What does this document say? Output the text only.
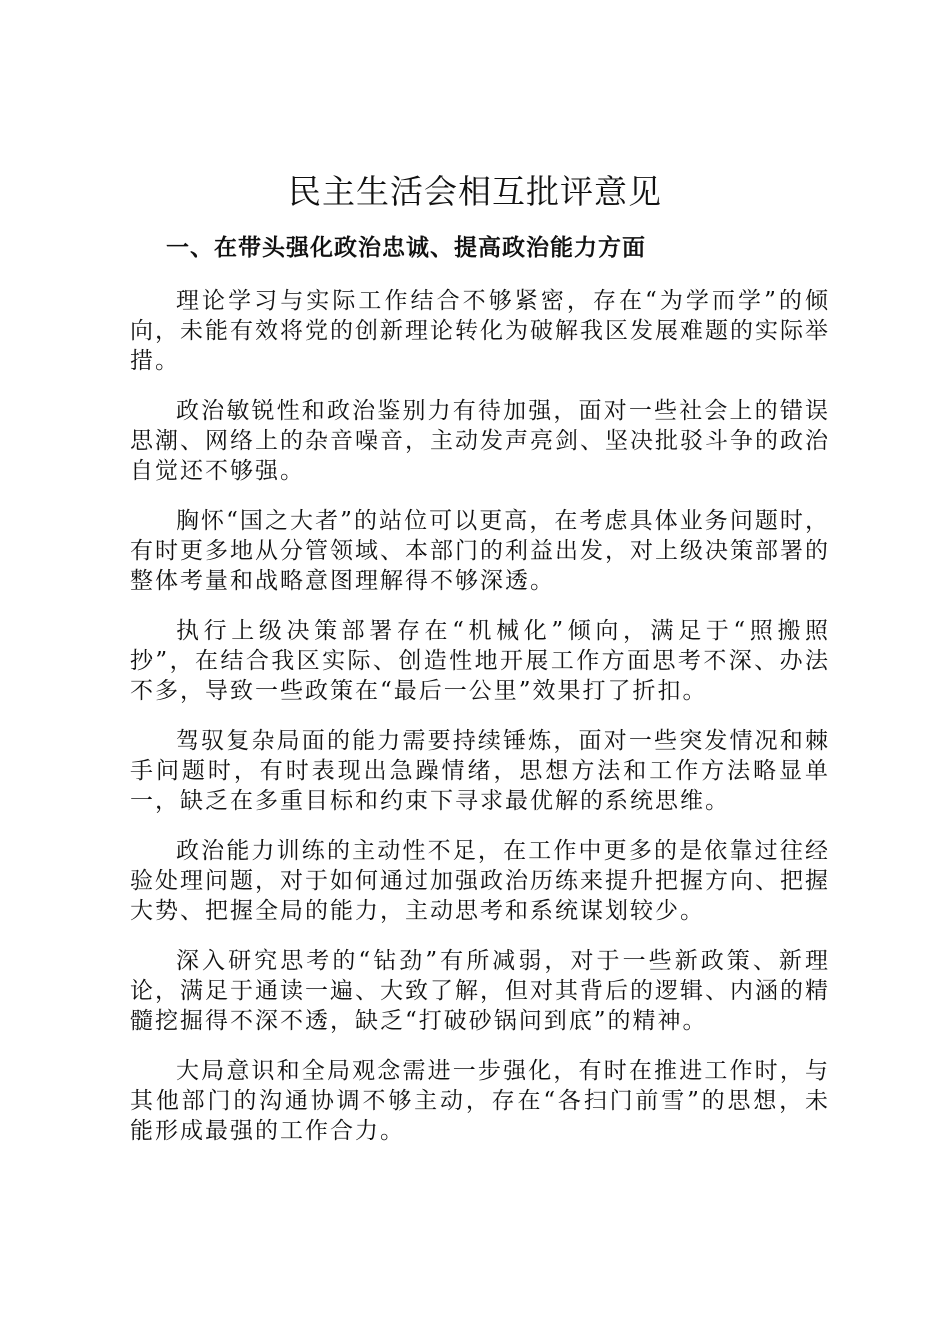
民主生活会相互批评意见
一、在带头强化政治忠诚、提高政治能力方面

理论学习与实际工作结合不够紧密，存在“为学而学”的倾向，未能有效将党的创新理论转化为破解我区发展难题的实际举措。

政治敏锐性和政治鉴别力有待加强，面对一些社会上的错误思潮、网络上的杂音噪音，主动发声亮剑、坚决批驳斗争的政治自觉还不够强。

胸怀“国之大者”的站位可以更高，在考虑具体业务问题时，有时更多地从分管领域、本部门的利益出发，对上级决策部署的整体考量和战略意图理解得不够深透。

执行上级决策部署存在“机械化”倾向，满足于“照搬照抄”，在结合我区实际、创造性地开展工作方面思考不深、办法不多，导致一些政策在“最后一公里”效果打了折扣。

驾驭复杂局面的能力需要持续锤炼，面对一些突发情况和棘手问题时，有时表现出急躁情绪，思想方法和工作方法略显单一，缺乏在多重目标和约束下寻求最优解的系统思维。

政治能力训练的主动性不足，在工作中更多的是依靠过往经验处理问题，对于如何通过加强政治历练来提升把握方向、把握大势、把握全局的能力，主动思考和系统谋划较少。

深入研究思考的“钻劲”有所减弱，对于一些新政策、新理论，满足于通读一遍、大致了解，但对其背后的逻辑、内涵的精髓挖掘得不深不透，缺乏“打破砂锅问到底”的精神。

大局意识和全局观念需进一步强化，有时在推进工作时，与其他部门的沟通协调不够主动，存在“各扫门前雪”的思想，未能形成最强的工作合力。
